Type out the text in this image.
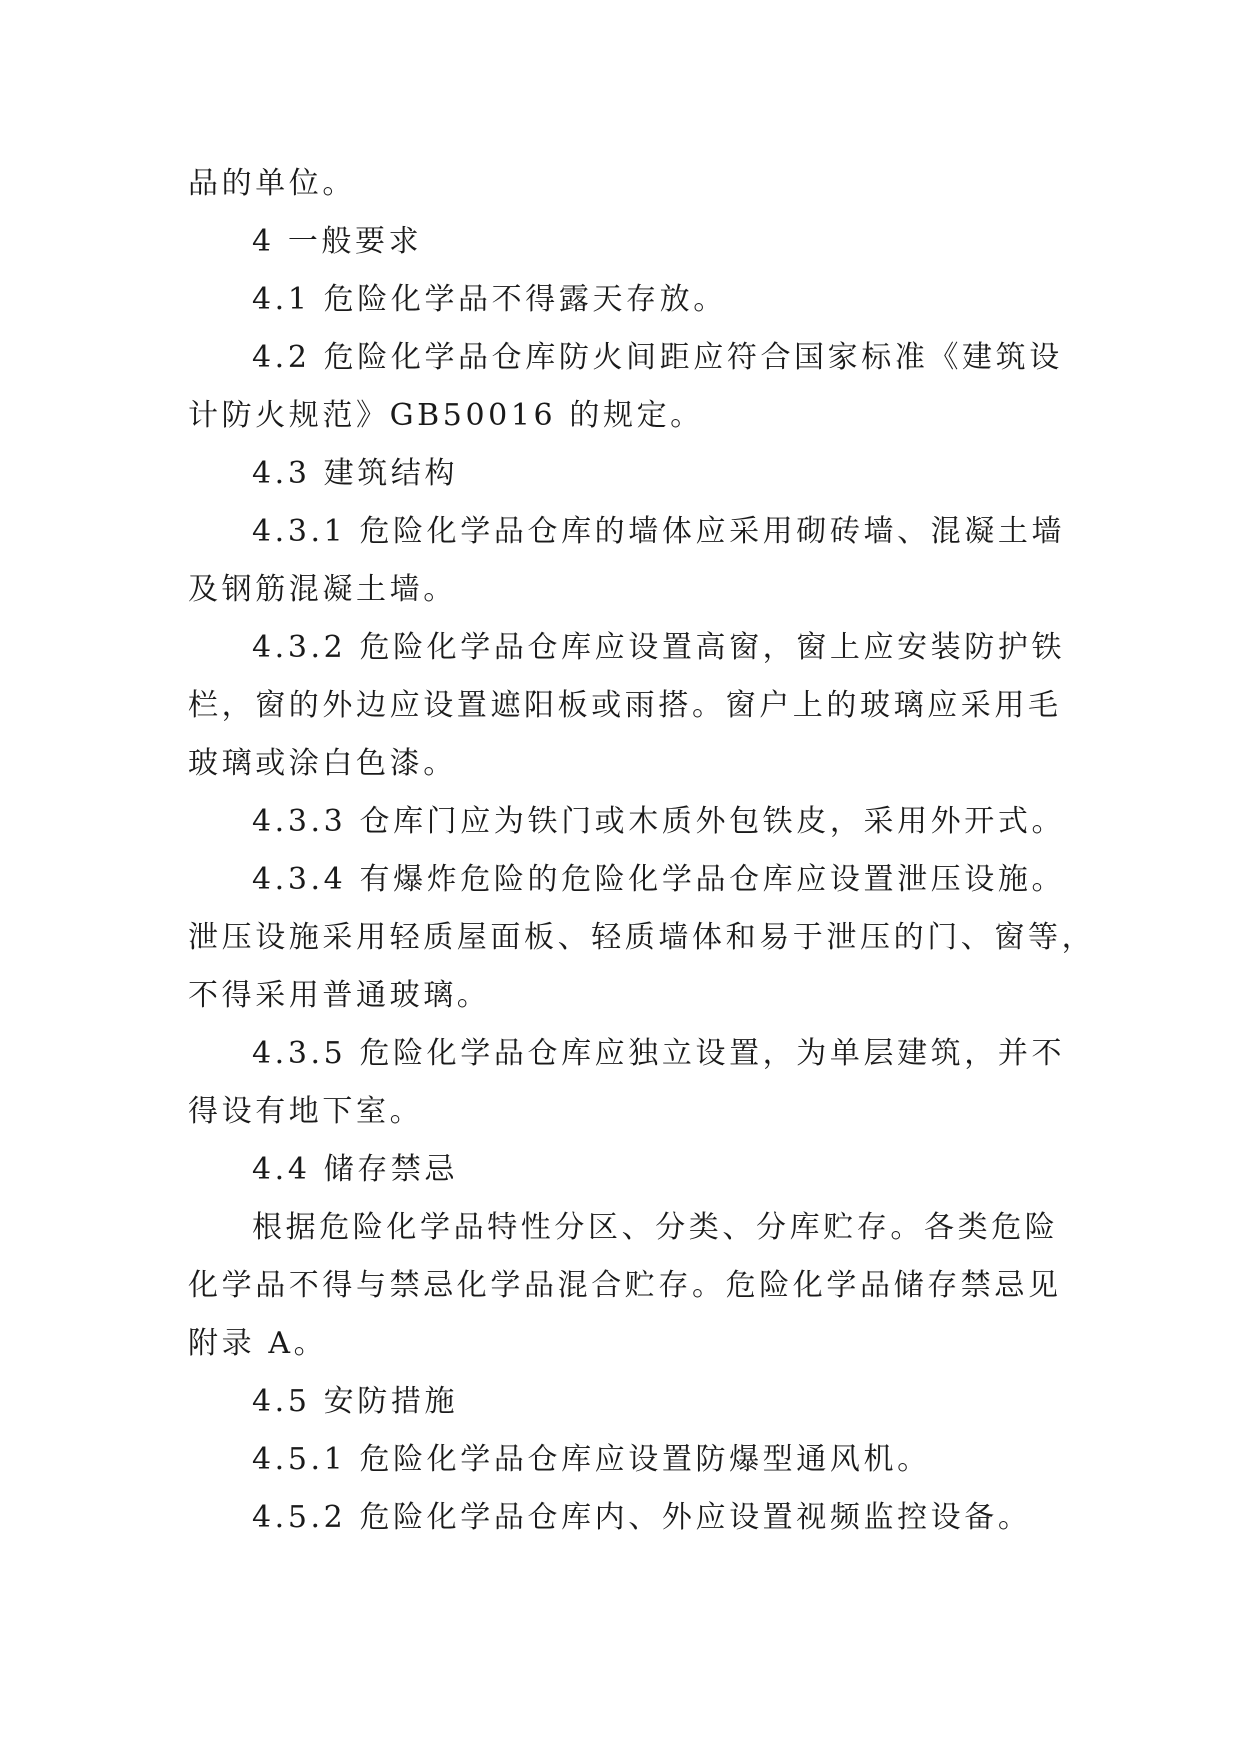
品的单位。
4 一般要求
4.1 危险化学品不得露天存放。
4.2 危险化学品仓库防火间距应符合国家标准《建筑设
计防火规范》GB50016 的规定。
4.3 建筑结构
4.3.1 危险化学品仓库的墙体应采用砌砖墙、混凝土墙
及钢筋混凝土墙。
4.3.2 危险化学品仓库应设置高窗，窗上应安装防护铁
栏，窗的外边应设置遮阳板或雨搭。窗户上的玻璃应采用毛
玻璃或涂白色漆。
4.3.3 仓库门应为铁门或木质外包铁皮，采用外开式。
4.3.4 有爆炸危险的危险化学品仓库应设置泄压设施。
泄压设施采用轻质屋面板、轻质墙体和易于泄压的门、窗等，
不得采用普通玻璃。
4.3.5 危险化学品仓库应独立设置，为单层建筑，并不
得设有地下室。
4.4 储存禁忌
根据危险化学品特性分区、分类、分库贮存。各类危险
化学品不得与禁忌化学品混合贮存。危险化学品储存禁忌见
附录 A。
4.5 安防措施
4.5.1 危险化学品仓库应设置防爆型通风机。
4.5.2 危险化学品仓库内、外应设置视频监控设备。
